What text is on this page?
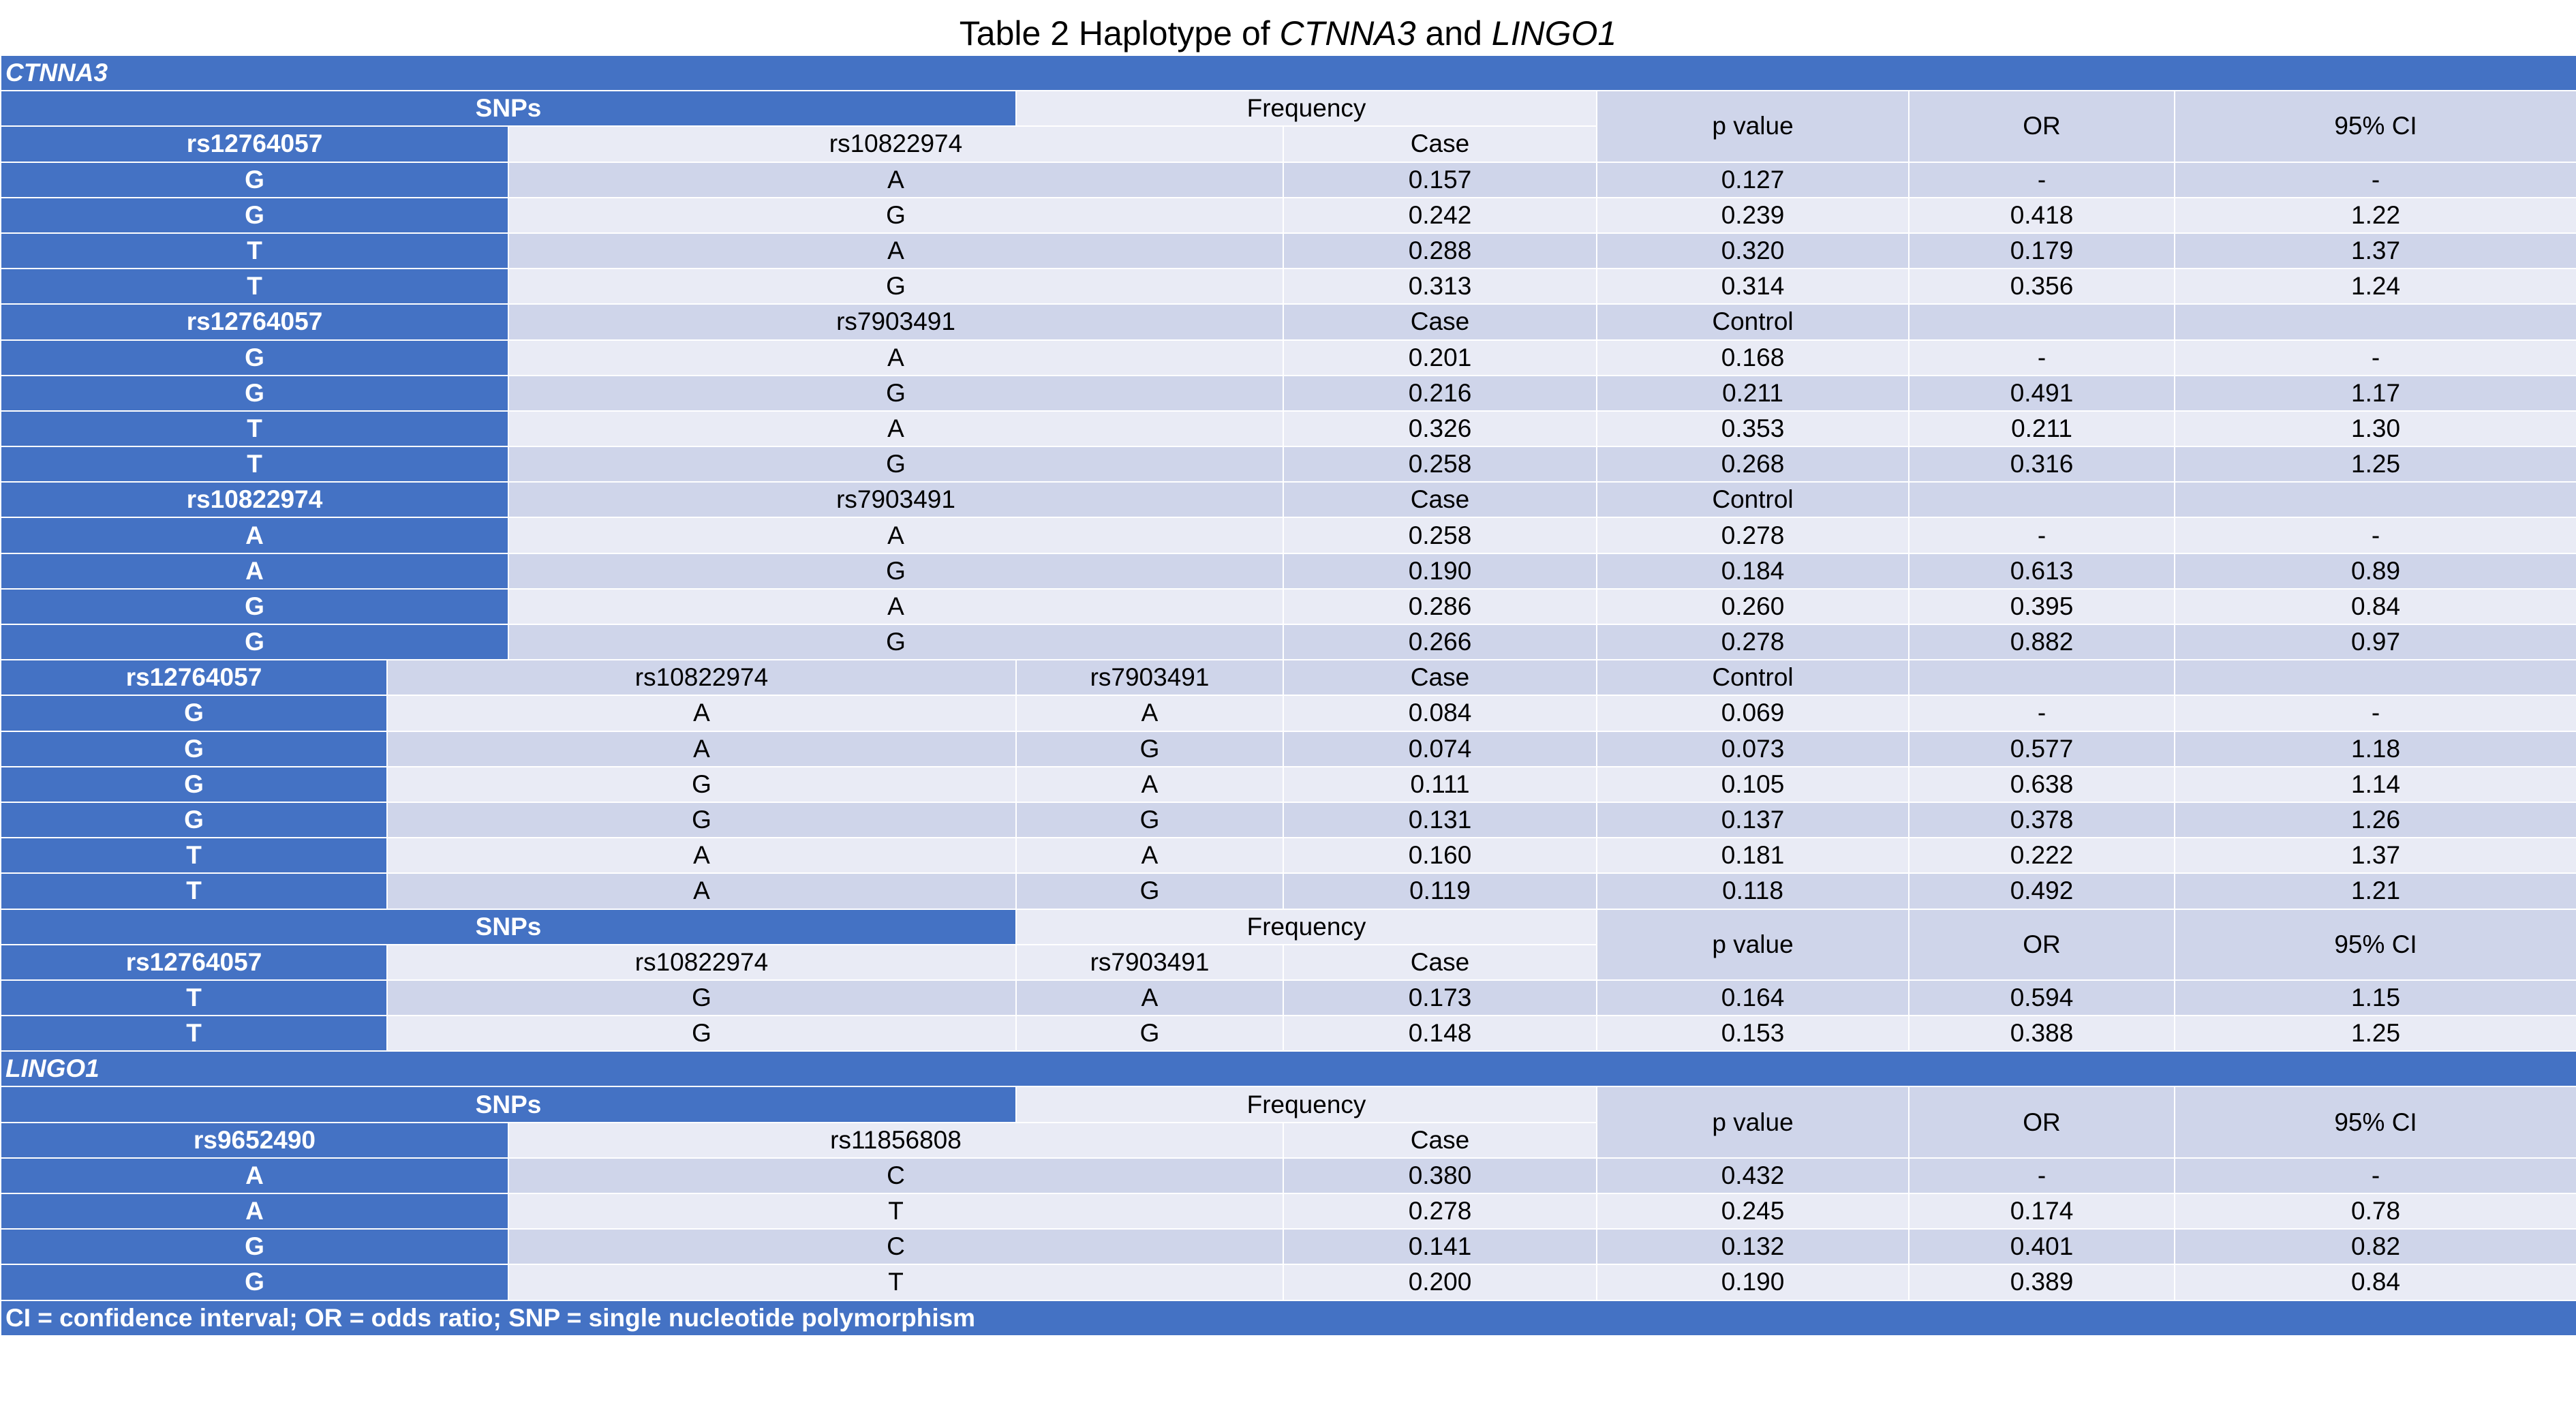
Table 2 Haplotype of CTNNA3 and LINGO1
CTNNA3								
SNPs			Frequency		p value	OR	95% CI	
rs12764057		rs10822974		Case	
G		A		0.157	0.127	-	-	
G		G		0.242	0.239	0.418	1.22	
T		A		0.288	0.320	0.179	1.37	
T		G		0.313	0.314	0.356	1.24	
rs12764057		rs7903491		Case	Control			
G		A		0.201	0.168	-	-	
G		G		0.216	0.211	0.491	1.17	
T		A		0.326	0.353	0.211	1.30	
T		G		0.258	0.268	0.316	1.25	
rs10822974		rs7903491		Case	Control			
A		A		0.258	0.278	-	-	
A		G		0.190	0.184	0.613	0.89	
G		A		0.286	0.260	0.395	0.84	
G		G		0.266	0.278	0.882	0.97	
rs12764057	rs10822974		rs7903491	Case	Control			
G	A		A	0.084	0.069	-	-	
G	A		G	0.074	0.073	0.577	1.18	
G	G		A	0.111	0.105	0.638	1.14	
G	G		G	0.131	0.137	0.378	1.26	
T	A		A	0.160	0.181	0.222	1.37	
T	A		G	0.119	0.118	0.492	1.21	
SNPs			Frequency		p value	OR	95% CI	
rs12764057	rs10822974		rs7903491	Case	
T	G		A	0.173	0.164	0.594	1.15	
T	G		G	0.148	0.153	0.388	1.25	
LINGO1								
SNPs			Frequency		p value	OR	95% CI	
rs9652490		rs11856808		Case	
A		C		0.380	0.432	-	-	
A		T		0.278	0.245	0.174	0.78	
G		C		0.141	0.132	0.401	0.82	
G		T		0.200	0.190	0.389	0.84	
CI = confidence interval; OR = odds ratio; SNP = single nucleotide polymorphism								
